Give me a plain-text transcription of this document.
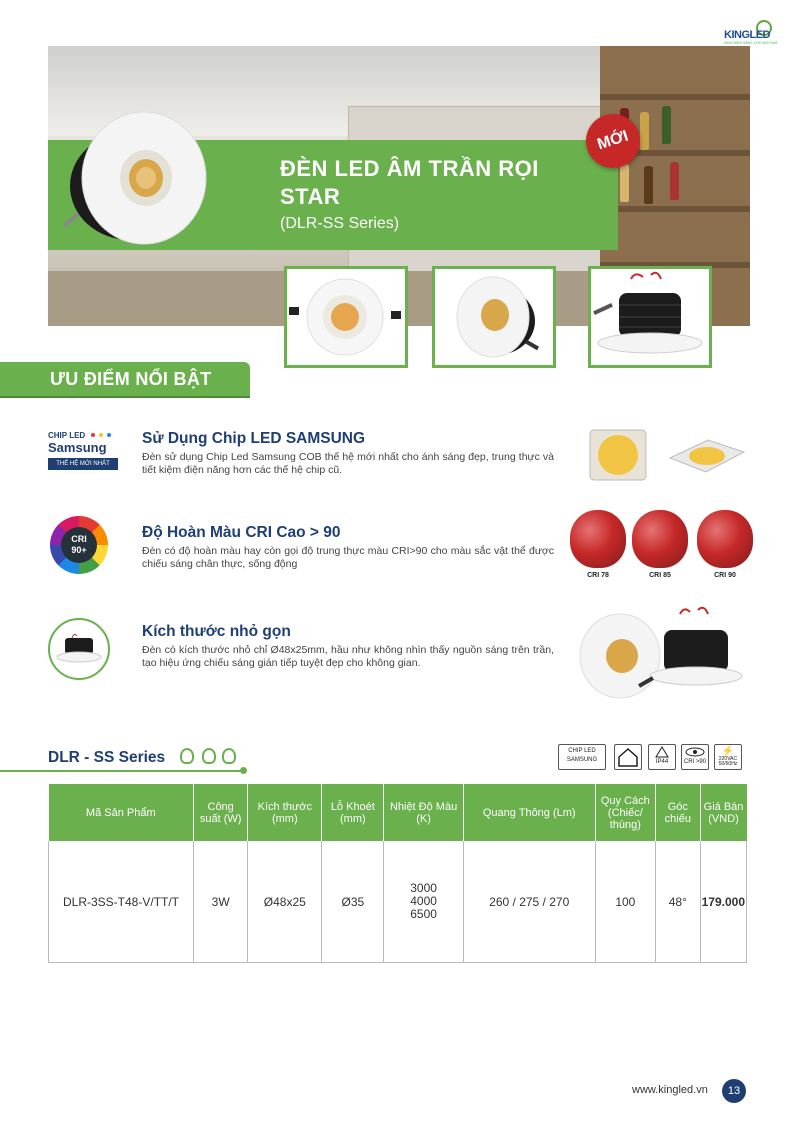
KINGLED
KING ĐIỂN SÁNG CHO MỌI NHÀ
ĐÈN LED ÂM TRẦN RỌI STAR
(DLR-SS Series)
MỚI
ƯU ĐIỂM NỔI BẬT
CHIP LED
Samsung
THẾ HỆ MỚI NHẤT
Sử Dụng Chip LED SAMSUNG
Đèn sử dụng Chip Led Samsung COB thế hệ mới nhất cho ánh sáng đẹp, trung thực và tiết kiệm điện năng hơn các thế hệ chip cũ.
CRI
90+
Độ Hoàn Màu CRI Cao > 90
Đèn có độ hoàn màu hay còn gọi độ trung thực màu CRI>90 cho màu sắc vật thể được chiếu sáng chân thực, sống động
CRI 78	CRI 85	CRI 90
Kích thước nhỏ gọn
Đèn có kích thước nhỏ chỉ Ø48x25mm, hầu như không nhìn thấy nguồn sáng trên trần, tạo hiệu ứng chiếu sáng gián tiếp tuyệt đẹp cho không gian.
DLR - SS Series	CHIP LED
SAMSUNG	IP44	CRI >90
⚡
220VAC 50/60Hz
Mã Sản Phẩm	Công suất (W)	Kích thước (mm)	Lỗ Khoét (mm)	Nhiệt Độ Màu (K)	Quang Thông (Lm)	Quy Cách (Chiếc/ thùng)	Góc chiếu	Giá Bán (VND)
DLR-3SS-T48-V/TT/T	3W	Ø48x25	Ø35	3000
4000
6500	260 / 275 / 270	100	48°	179.000
www.kingled.vn	13
